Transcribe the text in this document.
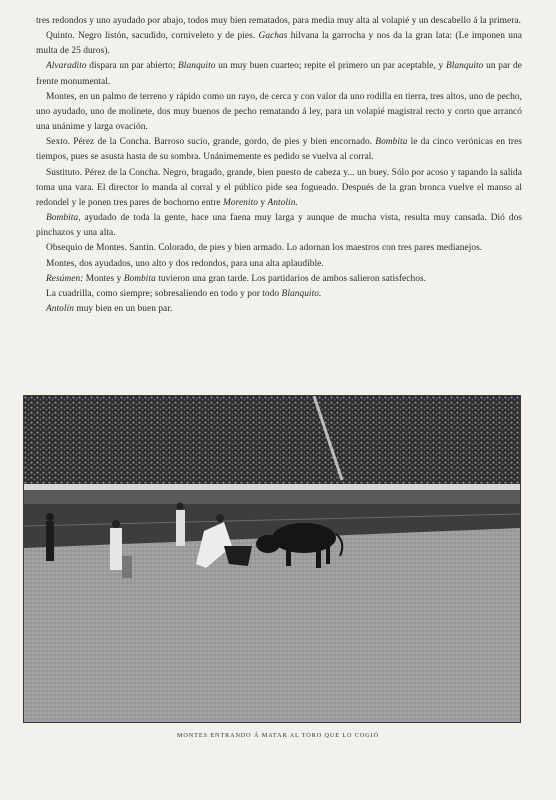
tres redondos y uno ayudado por abajo, todos muy bien rematados, para media muy alta al volapié y un descabello á la primera.

Quinto. Negro listón, sacudido, corniveleto y de pies. Gachas hilvana la garrocha y nos da la gran lata: (Le imponen una multa de 25 duros).

Alvaradito dispara un par abierto; Blanquito un muy buen cuarteo; repite el primero un par aceptable, y Blanquito un par de frente monumental.

Montes, en un palmo de terreno y rápido como un rayo, de cerca y con valor da uno rodilla en tierra, tres altos, uno de pecho, uno ayudado, uno de molinete, dos muy buenos de pecho rematando á ley, para un volapié magistral recto y corto que arrancó una unánime y larga ovación.

Sexto. Pérez de la Concha. Barroso sucio, grande, gordo, de pies y bien encornado. Bombita le da cinco verónicas en tres tiempos, pues se asusta hasta de su sombra. Unánimemente es pedido se vuelva al corral.

Sustituto. Pérez de la Concha. Negro, bragado, grande, bien puesto de cabeza y... un buey. Sólo por acoso y tapando la salida toma una vara. El director lo manda al corral y el público pide sea fogueado. Después de la gran bronca vuelve el manso al redondel y le ponen tres pares de bochorno entre Morenito y Antolín.

Bombita, ayudado de toda la gente, hace una faena muy larga y aunque de mucha vista, resulta muy cansada. Dió dos pinchazos y una alta.

Obsequio de Montes. Santín. Colorado, de pies y bien armado. Lo adornan los maestros con tres pares medianejos.

Montes, dos ayudados, uno alto y dos redondos, para una alta aplaudible.

Resúmen: Montes y Bombita tuvieron una gran tarde. Los partidarios de ambos salieron satisfechos.

La cuadrilla, como siempre; sobresaliendo en todo y por todo Blanquito.

Antolín muy bien en un buen par.

MONTES ENTRANDO Á MATAR AL TORO QUE LO COGIÓ
